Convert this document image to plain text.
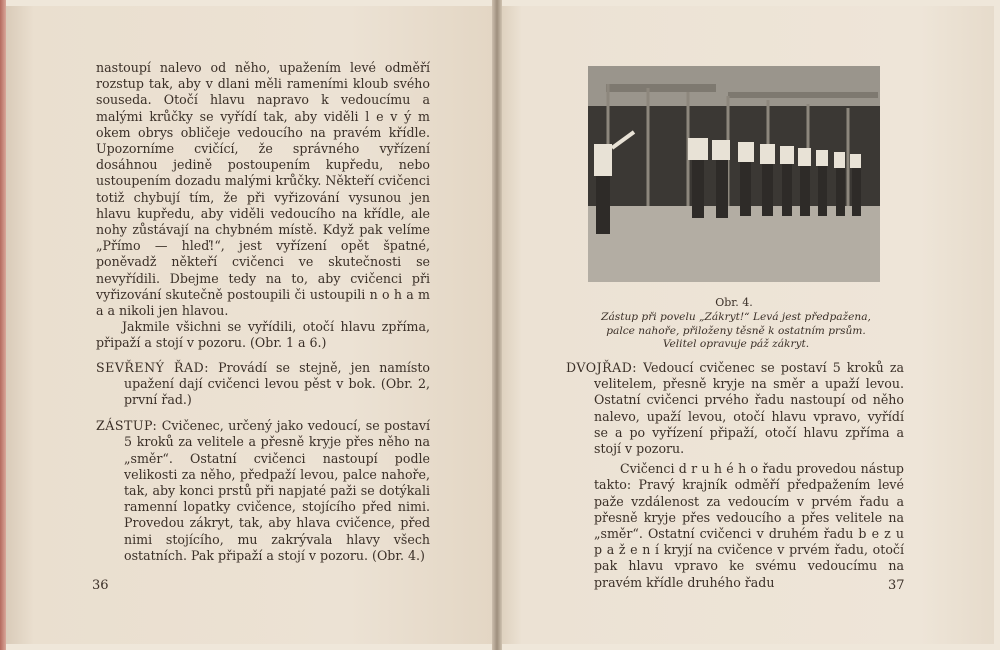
nastoupí nalevo od něho, upažením levé odměří rozstup tak, aby v dlani měli rameními kloub svého souseda. Otočí hlavu napravo k vedoucímu a malými krůčky se vyřídí tak, aby viděli l e v ý m okem obrys obličeje vedoucího na pravém křídle. Upozorníme cvičící, že správného vyřízení dosáhnou jedině postoupením kupředu, nebo ustoupením dozadu malými krůčky. Někteří cvičenci totiž chybují tím, že při vyřizování vysunou jen hlavu kupředu, aby viděli vedoucího na křídle, ale nohy zůstávají na chybném místě. Když pak velíme „Přímo — hleď!“, jest vyřízení opět špatné, poněvadž někteří cvičenci ve skutečnosti se nevyřídili. Dbejme tedy na to, aby cvičenci při vyřizování skutečně postoupili či ustoupili n o h a m a a nikoli jen hlavou.

Jakmile všichni se vyřídili, otočí hlavu zpříma, připaží a stojí v pozoru. (Obr. 1 a 6.)

SEVŘENÝ ŘAD: Provádí se stejně, jen namísto upažení dají cvičenci levou pěst v bok. (Obr. 2, první řad.)

ZÁSTUP: Cvičenec, určený jako vedoucí, se postaví 5 kroků za velitele a přesně kryje přes něho na „směr“. Ostatní cvičenci nastoupí podle velikosti za něho, předpaží levou, palce nahoře, tak, aby konci prstů při napjaté paži se dotýkali ramenní lopatky cvičence, stojícího před nimi. Provedou zákryt, tak, aby hlava cvičence, před nimi stojícího, mu zakrývala hlavy všech ostatních. Pak připaží a stojí v pozoru. (Obr. 4.)

36
Obr. 4.
Zástup při povelu „Zákryt!“ Levá jest předpažena, palce nahoře, přiloženy těsně k ostatním prsům. Velitel opravuje páž zákryt.

DVOJŘAD: Vedoucí cvičenec se postaví 5 kroků za velitelem, přesně kryje na směr a upaží levou. Ostatní cvičenci prvého řadu nastoupí od něho nalevo, upaží levou, otočí hlavu vpravo, vyřídí se a po vyřízení připaží, otočí hlavu zpříma a stojí v pozoru.

Cvičenci d r u h é h o řadu provedou nástup takto: Pravý krajník odměří předpažením levé paže vzdálenost za vedoucím v prvém řadu a přesně kryje přes vedoucího a přes velitele na „směr“. Ostatní cvičenci v druhém řadu b e z u p a ž e n í kryjí na cvičence v prvém řadu, otočí pak hlavu vpravo ke svému vedoucímu na pravém křídle druhého řadu	37
